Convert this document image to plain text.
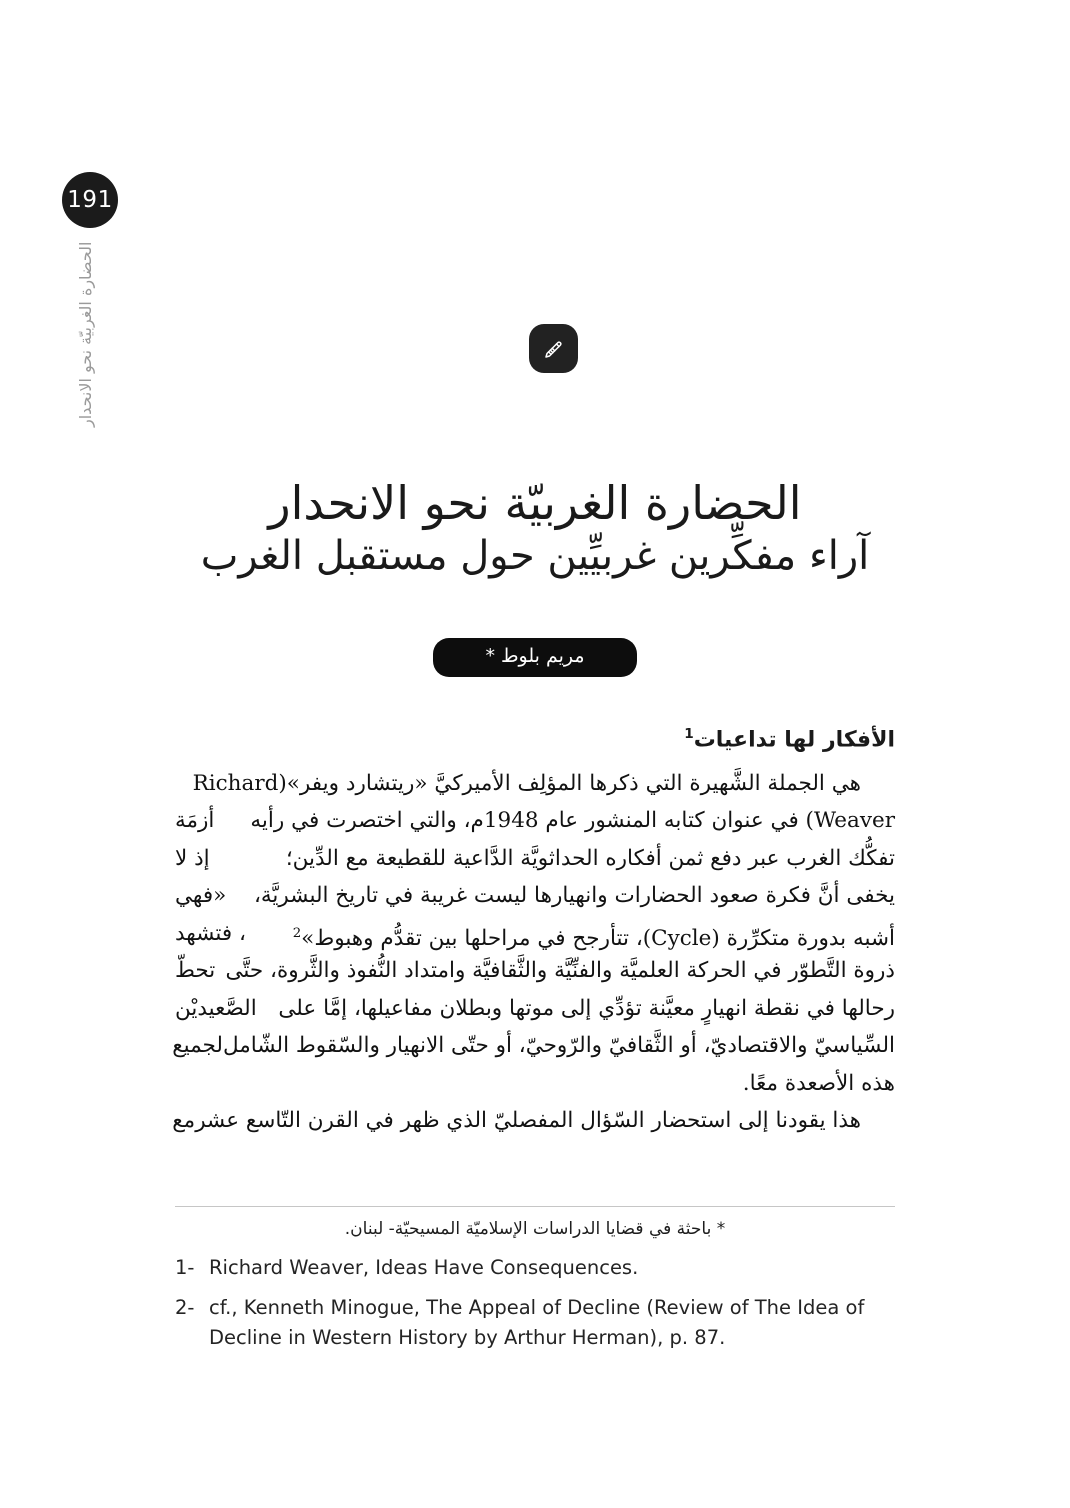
191
الحضارة الغربيّة نحو الانحدار
الحضارة الغربيّة نحو الانحدار
آراء مفكِّرين غربيِّين حول مستقبل الغرب
مريم بلوط *
الأفكار لها تداعيات$^1$
هي الجملة الشَّهيرة التي ذكرها المؤلِف الأميركيَّ «ريتشارد ويفر»
(Richard
Weaver) في عنوان كتابه المنشور عام 1948م، والتي اختصرت في رأيه
أزمَة
تفكُّك الغرب عبر دفع ثمن أفكاره الحداثويَّة الدَّاعية للقطيعة مع الدِّين؛
إذ لا
يخفى أنَّ فكرة صعود الحضارات وانهيارها ليست غريبة في تاريخ البشريَّة،
«فهي
أشبه بدورة متكرِّرة (Cycle)، تتأرجح في مراحلها بين تقدُّم وهبوط»$^2$
، فتشهد
ذروة التَّطوّر في الحركة العلميَّة والفنِّيَّة والثَّقافيَّة وامتداد النُّفوذ والثَّروة، حتَّى
تحطّ
رحالها في نقطة انهيارٍ معيَّنة تؤدِّي إلى موتها وبطلان مفاعيلها، إمَّا على
الصَّعيديْن
السِّياسيّ والاقتصاديّ، أو الثَّقافيّ والرّوحيّ، أو حتّى الانهيار والسّقوط الشّامل
لجميع
هذه الأصعدة معًا.
هذا يقودنا إلى استحضار السّؤال المفصليّ الذي ظهر في القرن التّاسع عشر
مع
* باحثة في قضايا الدراسات الإسلاميّة المسيحيّة- لبنان.
1- Richard Weaver, Ideas Have Consequences.
2- cf., Kenneth Minogue, The Appeal of Decline (Review of The Idea of Decline in Western History by Arthur Herman), p. 87.
